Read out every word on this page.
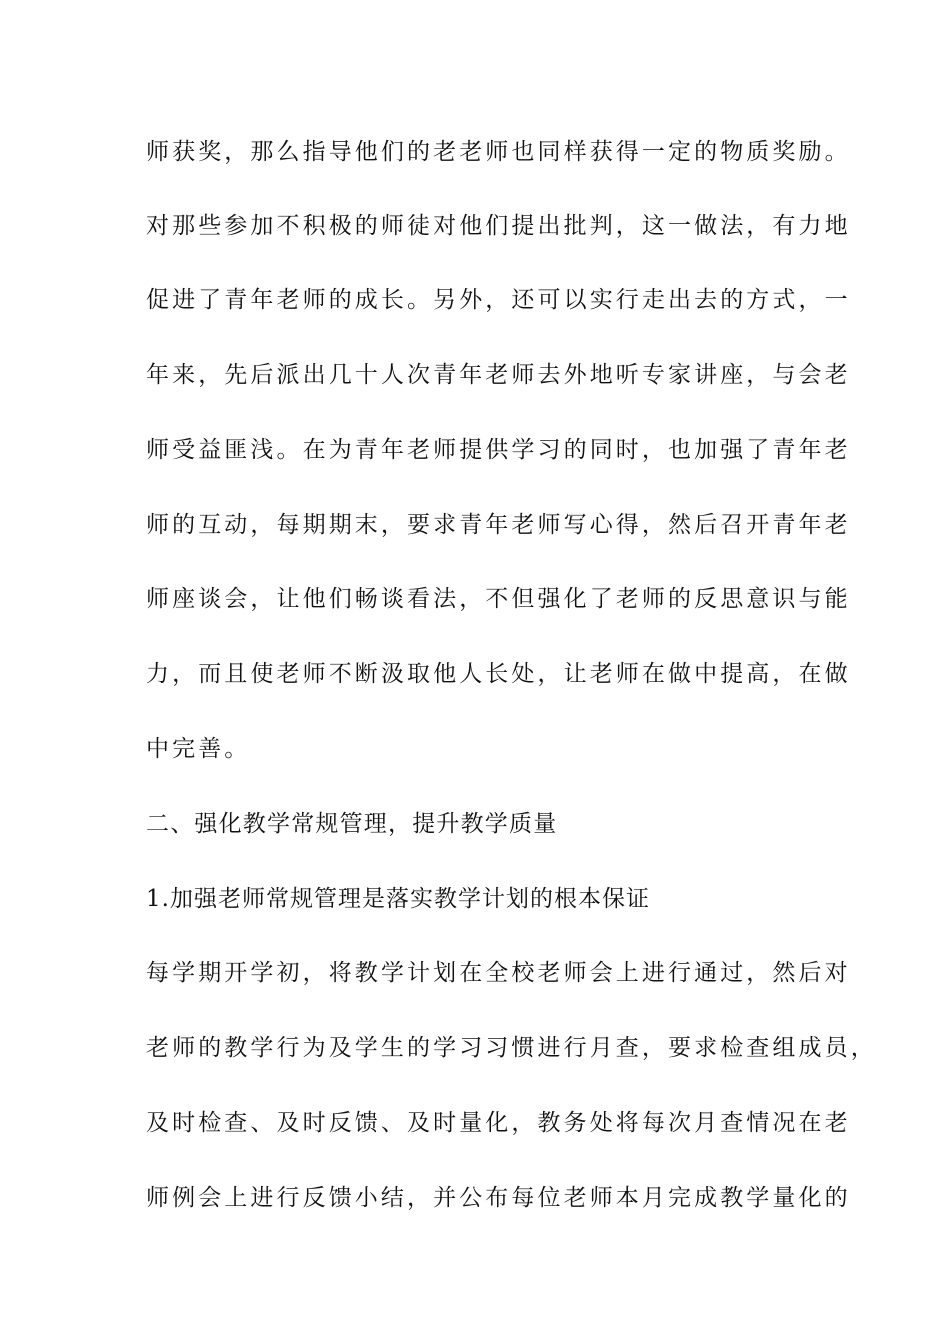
师获奖，那么指导他们的老老师也同样获得一定的物质奖励。
对那些参加不积极的师徒对他们提出批判，这一做法，有力地
促进了青年老师的成长。另外，还可以实行走出去的方式，一
年来，先后派出几十人次青年老师去外地听专家讲座，与会老
师受益匪浅。在为青年老师提供学习的同时，也加强了青年老
师的互动，每期期末，要求青年老师写心得，然后召开青年老
师座谈会，让他们畅谈看法，不但强化了老师的反思意识与能
力，而且使老师不断汲取他人长处，让老师在做中提高，在做
中完善。
二、强化教学常规管理，提升教学质量
1.加强老师常规管理是落实教学计划的根本保证
每学期开学初，将教学计划在全校老师会上进行通过，然后对
老师的教学行为及学生的学习习惯进行月查，要求检查组成员，
及时检查、及时反馈、及时量化，教务处将每次月查情况在老
师例会上进行反馈小结，并公布每位老师本月完成教学量化的
